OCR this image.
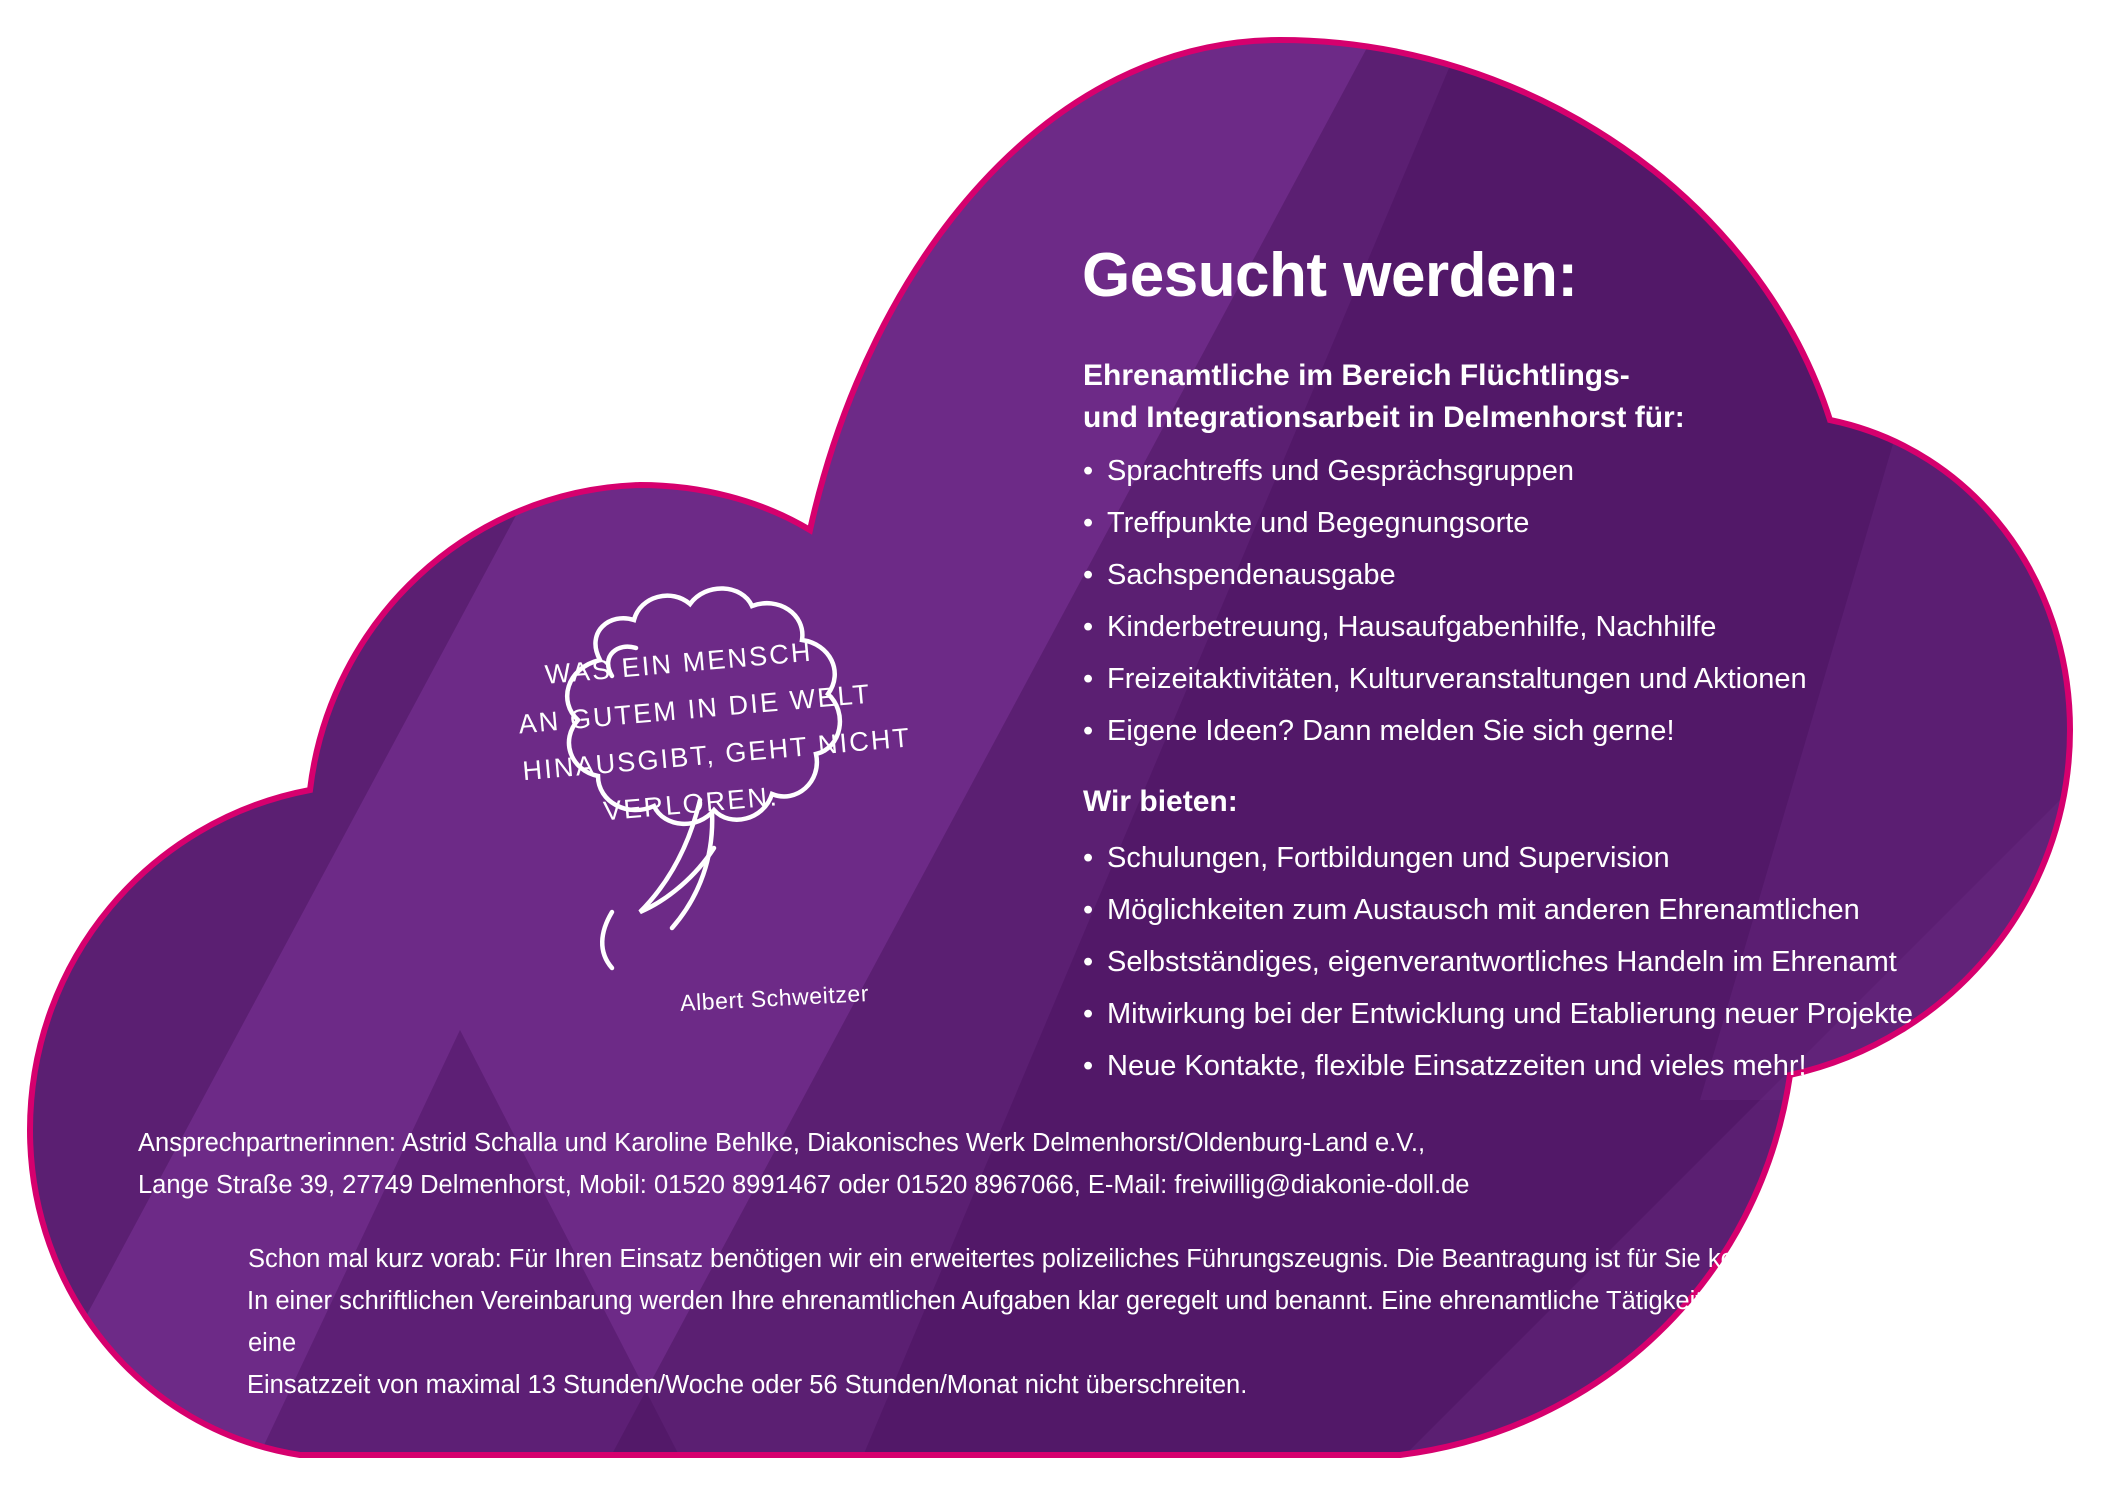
Gesucht werden:
Ehrenamtliche im Bereich Flüchtlings-
und Integrationsarbeit in Delmenhorst für:
• Sprachtreffs und Gesprächsgruppen
• Treffpunkte und Begegnungsorte
• Sachspendenausgabe
• Kinderbetreuung, Hausaufgabenhilfe, Nachhilfe
• Freizeitaktivitäten, Kulturveranstaltungen und Aktionen
• Eigene Ideen? Dann melden Sie sich gerne!
Wir bieten:
• Schulungen, Fortbildungen und Supervision
• Möglichkeiten zum Austausch mit anderen Ehrenamtlichen
• Selbstständiges, eigenverantwortliches Handeln im Ehrenamt
• Mitwirkung bei der Entwicklung und Etablierung neuer Projekte
• Neue Kontakte, flexible Einsatzzeiten und vieles mehr!
WAS EIN MENSCH
AN GUTEM IN DIE WELT
HINAUSGIBT, GEHT NICHT
VERLOREN.
Albert Schweitzer
Ansprechpartnerinnen: Astrid Schalla und Karoline Behlke, Diakonisches Werk Delmenhorst/Oldenburg-Land e.V.,
Lange Straße 39, 27749 Delmenhorst, Mobil: 01520 8991467 oder 01520 8967066, E-Mail: freiwillig@diakonie-doll.de
Schon mal kurz vorab: Für Ihren Einsatz benötigen wir ein erweitertes polizeiliches Führungszeugnis. Die Beantragung ist für Sie kostenlos.
In einer schriftlichen Vereinbarung werden Ihre ehrenamtlichen Aufgaben klar geregelt und benannt. Eine ehrenamtliche Tätigkeit darf i.d.R. eine
Einsatzzeit von maximal 13 Stunden/Woche oder 56 Stunden/Monat nicht überschreiten.
